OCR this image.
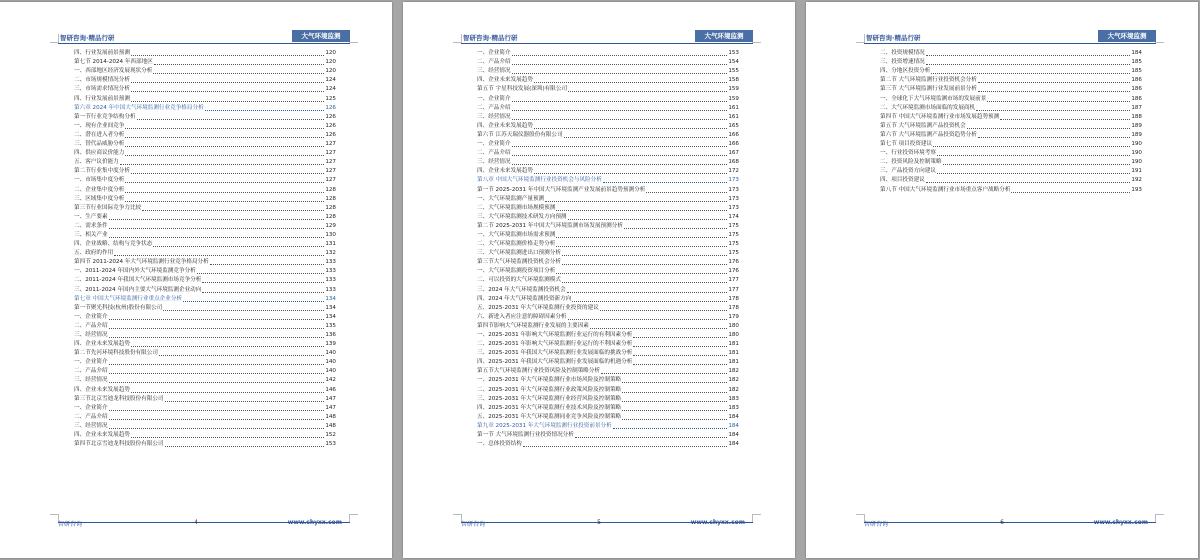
智研咨询·精品行研	大气环境监测
四、行业发展前景预测	120
第七节 2014-2024 年西部地区	120
一、西部地区经济发展现状分析	120
二、市场规模情况分析	124
三、市场需求情况分析	124
四、行业发展前景预测	125
第六章 2024 年中国大气环境监测行业竞争格局分析	126
第一节行业竞争结构分析	126
一、现有企业间竞争	126
二、潜在进入者分析	126
三、替代品威胁分析	127
四、供应商议价能力	127
五、客户议价能力	127
第二节行业集中度分析	127
一、市场集中度分析	127
二、企业集中度分析	128
三、区域集中度分析	128
第三节行业国际竞争力比较	128
一、生产要素	128
二、需求条件	129
三、相关产业	130
四、企业战略、结构与竞争状态	131
五、政府的作用	132
第四节 2011-2024 年大气环境监测行业竞争格局分析	133
一、2011-2024 年国内外大气环境监测竞争分析	133
二、2011-2024 年我国大气环境监测市场竞争分析	133
三、2011-2024 年国内主要大气环境监测企业动向	133
第七章 中国大气环境监测行业重点企业分析	134
第一节聚光科技(杭州)股份有限公司	134
一、企业简介	134
二、产品介绍	135
三、经营情况	136
四、企业未来发展趋势	139
第二节先河环境科技股份有限公司	140
一、企业简介	140
二、产品介绍	140
三、经营情况	142
四、企业未来发展趋势	146
第三节北京雪迪龙科技股份有限公司	147
一、企业简介	147
二、产品介绍	148
三、经营情况	148
四、企业未来发展趋势	152
第四节北京雪迪龙科技股份有限公司	153
智研咨询	4	www.chyxx.com
智研咨询·精品行研	大气环境监测
一、企业简介	153
二、产品介绍	154
三、经营情况	155
四、企业未来发展趋势	158
第五节 宇星科技发展(深圳)有限公司	159
一、企业简介	159
二、产品介绍	161
三、经营情况	161
四、企业未来发展趋势	165
第六节 江苏天瑞仪器股份有限公司	166
一、企业简介	166
二、产品介绍	167
三、经营情况	168
四、企业未来发展趋势	172
第八章 中国大气环境监测行业投资机会与风险分析	173
第一节 2025-2031 年中国大气环境监测产业发展前景趋势预测分析	173
一、大气环境监测产量预测	173
二、大气环境监测市场规模预测	173
三、大气环境监测技术研发方向预测	174
第二节 2025-2031 年中国大气环境监测市场发展预测分析	175
一、大气环境监测市场需求预测	175
二、大气环境监测价格走势分析	175
三、大气环境监测进出口预测分析	175
第三节大气环境监测投资机会分析	176
一、大气环境监测投资项目分析	176
二、可以投资的大气环境监测模式	177
三、2024 年大气环境监测投资机会	177
四、2024 年大气环境监测投资新方向	178
五、2025-2031 年大气环境监测行业投资的建议	178
六、新进入者应注意的障碍因素分析	179
第四节影响大气环境监测行业发展的主要因素	180
一、2025-2031 年影响大气环境监测行业运行的有利因素分析	180
二、2025-2031 年影响大气环境监测行业运行的不利因素分析	181
三、2025-2031 年我国大气环境监测行业发展面临的挑战分析	181
四、2025-2031 年我国大气环境监测行业发展面临的机遇分析	181
第五节大气环境监测行业投资风险及控制策略分析	182
一、2025-2031 年大气环境监测行业市场风险及控制策略	182
二、2025-2031 年大气环境监测行业政策风险及控制策略	182
三、2025-2031 年大气环境监测行业经营风险及控制策略	183
四、2025-2031 年大气环境监测行业技术风险及控制策略	183
五、2025-2031 年大气环境监测同业竞争风险及控制策略	184
第九章 2025-2031 年大气环境监测行业投资前景分析	184
第一节 大气环境监测行业投资情况分析	184
一、总体投资结构	184
智研咨询	5	www.chyxx.com
智研咨询·精品行研	大气环境监测
二、投资规模情况	184
三、投资增速情况	185
四、分地区投资分析	185
第二节 大气环境监测行业投资机会分析	186
第三节 大气环境监测行业发展前景分析	186
一、全球化下大气环境监测市场的发展前景	186
二、大气环境监测市场面临的发展商机	187
第四节 中国大气环境监测行业市场发展趋势预测	188
第五节 大气环境监测产品投资机会	189
第六节 大气环境监测产品投资趋势分析	189
第七节 项目投资建议	190
一、行业投资环境考察	190
二、投资风险及控制策略	190
三、产品投资方向建议	191
四、项目投资建议	192
第八节 中国大气环境监测行业市场重点客户战略分析	193
智研咨询	6	www.chyxx.com
